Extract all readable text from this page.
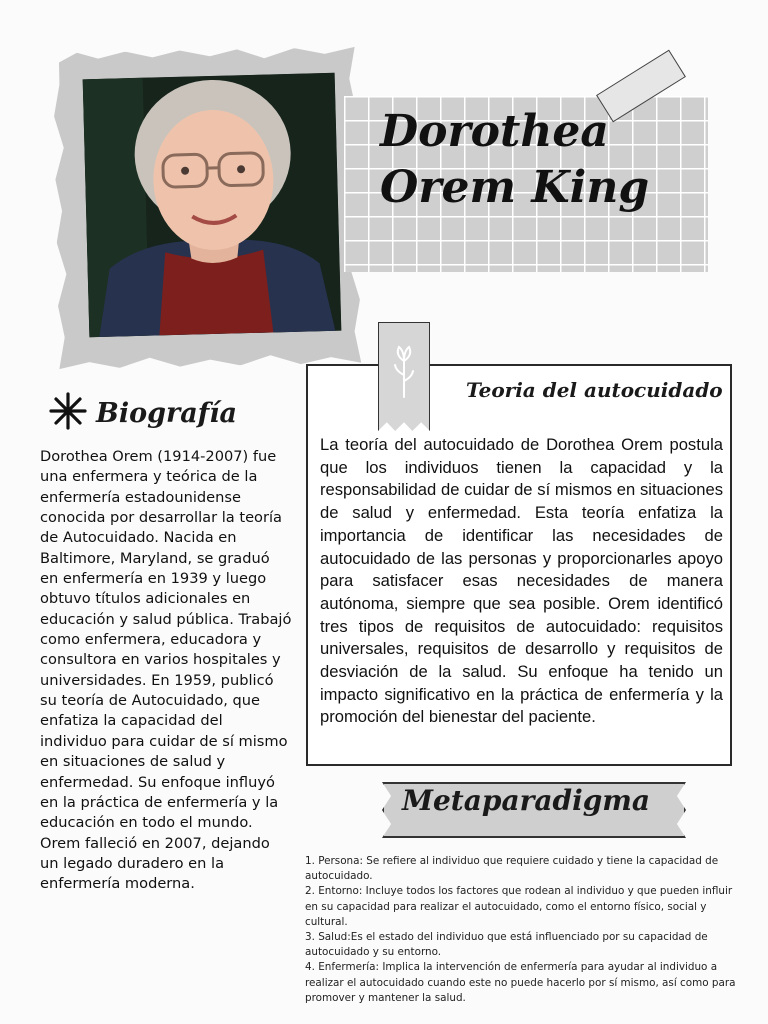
Dorothea
Orem King
Biografía

Dorothea Orem (1914-2007) fue una enfermera y teórica de la enfermería estadounidense conocida por desarrollar la teoría de Autocuidado. Nacida en Baltimore, Maryland, se graduó en enfermería en 1939 y luego obtuvo títulos adicionales en educación y salud pública. Trabajó como enfermera, educadora y consultora en varios hospitales y universidades. En 1959, publicó su teoría de Autocuidado, que enfatiza la capacidad del individuo para cuidar de sí mismo en situaciones de salud y enfermedad. Su enfoque influyó en la práctica de enfermería y la educación en todo el mundo. Orem falleció en 2007, dejando un legado duradero en la enfermería moderna.

Teoria del autocuidado

La teoría del autocuidado de Dorothea Orem postula que los individuos tienen la capacidad y la responsabilidad de cuidar de sí mismos en situaciones de salud y enfermedad. Esta teoría enfatiza la importancia de identificar las necesidades de autocuidado de las personas y proporcionarles apoyo para satisfacer esas necesidades de manera autónoma, siempre que sea posible. Orem identificó tres tipos de requisitos de autocuidado: requisitos universales, requisitos de desarrollo y requisitos de desviación de la salud. Su enfoque ha tenido un impacto significativo en la práctica de enfermería y la promoción del bienestar del paciente.

Metaparadigma
1. Persona: Se refiere al individuo que requiere cuidado y tiene la capacidad de autocuidado.
2. Entorno: Incluye todos los factores que rodean al individuo y que pueden influir en su capacidad para realizar el autocuidado, como el entorno físico, social y cultural.
3. Salud:Es el estado del individuo que está influenciado por su capacidad de autocuidado y su entorno.
4. Enfermería: Implica la intervención de enfermería para ayudar al individuo a realizar el autocuidado cuando este no puede hacerlo por sí mismo, así como para promover y mantener la salud.
